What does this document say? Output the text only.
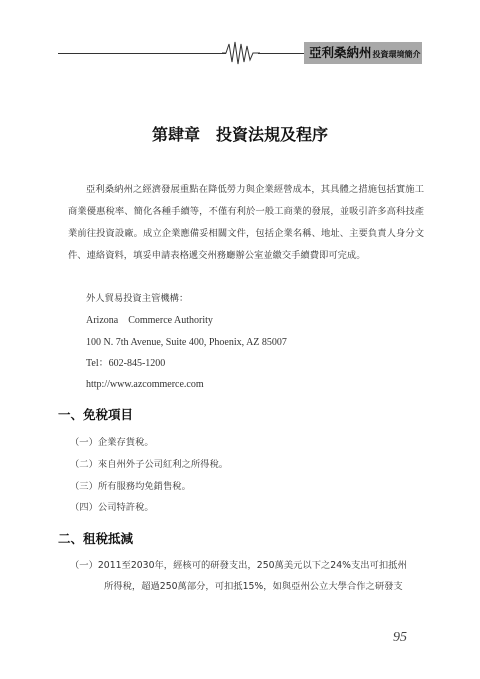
亞利桑納州投資環境簡介
第肆章　投資法規及程序

亞利桑納州之經濟發展重點在降低勞力與企業經營成本，其具體之措施包括實施工商業優惠稅率、簡化各種手續等，不僅有利於一般工商業的發展，並吸引許多高科技產業前往投資設廠。成立企業應備妥相關文件，包括企業名稱、地址、主要負責人身分文件、連絡資料，填妥申請表格遞交州務廳辦公室並繳交手續費即可完成。

外人貿易投資主管機構：
Arizona　Commerce Authority
100 N. 7th Avenue, Suite 400, Phoenix, AZ 85007
Tel：602-845-1200
http://www.azcommerce.com
一、免稅項目
（一）企業存貨稅。
（二）來自州外子公司紅利之所得稅。
（三）所有服務均免銷售稅。
（四）公司特許稅。
二、租稅抵減
（一）2011至2030年，經核可的研發支出，250萬美元以下之24%支出可扣抵州
所得稅，超過250萬部分，可扣抵15%，如與亞州公立大學合作之研發支
95
